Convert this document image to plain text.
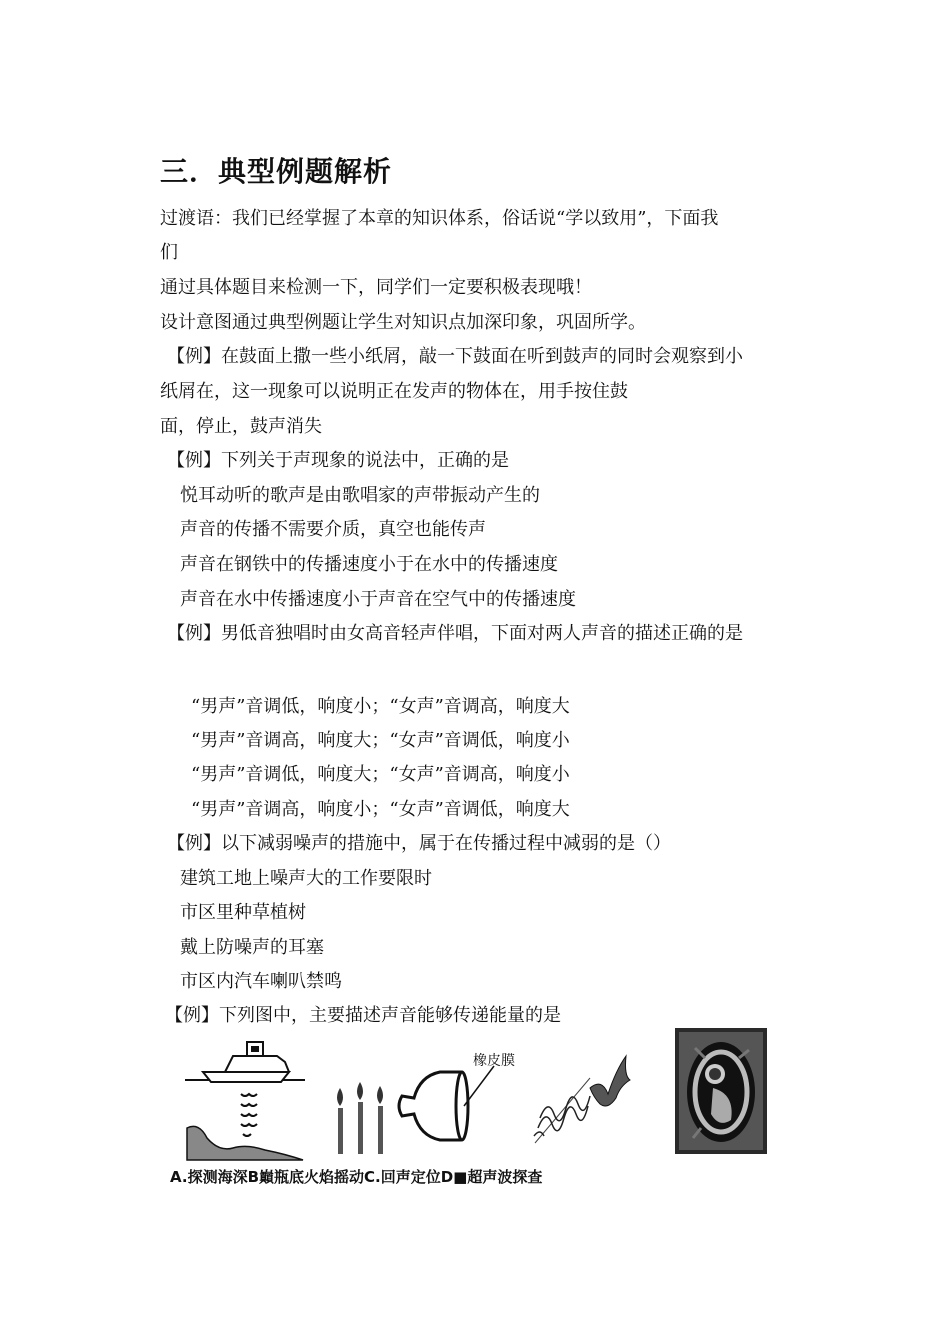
三．典型例题解析
过渡语：我们已经掌握了本章的知识体系，俗话说“学以致用”，下面我
们
通过具体题目来检测一下，同学们一定要积极表现哦！
设计意图通过典型例题让学生对知识点加深印象，巩固所学。
【例】在鼓面上撒一些小纸屑，敲一下鼓面在听到鼓声的同时会观察到小
纸屑在，这一现象可以说明正在发声的物体在，用手按住鼓
面，停止，鼓声消失
【例】下列关于声现象的说法中，正确的是
悦耳动听的歌声是由歌唱家的声带振动产生的
声音的传播不需要介质，真空也能传声
声音在钢铁中的传播速度小于在水中的传播速度
声音在水中传播速度小于声音在空气中的传播速度
【例】男低音独唱时由女高音轻声伴唱，下面对两人声音的描述正确的是
“男声”音调低，响度小；“女声”音调高，响度大
“男声”音调高，响度大；“女声”音调低，响度小
“男声”音调低，响度大；“女声”音调高，响度小
“男声”音调高，响度小；“女声”音调低，响度大
【例】以下减弱噪声的措施中，属于在传播过程中减弱的是（）
建筑工地上噪声大的工作要限时
市区里种草植树
戴上防噪声的耳塞
市区内汽车喇叭禁鸣
【例】下列图中，主要描述声音能够传递能量的是
橡皮膜
A.探测海深B巔瓶底火焰摇动C.回声定位D■超声波探查
